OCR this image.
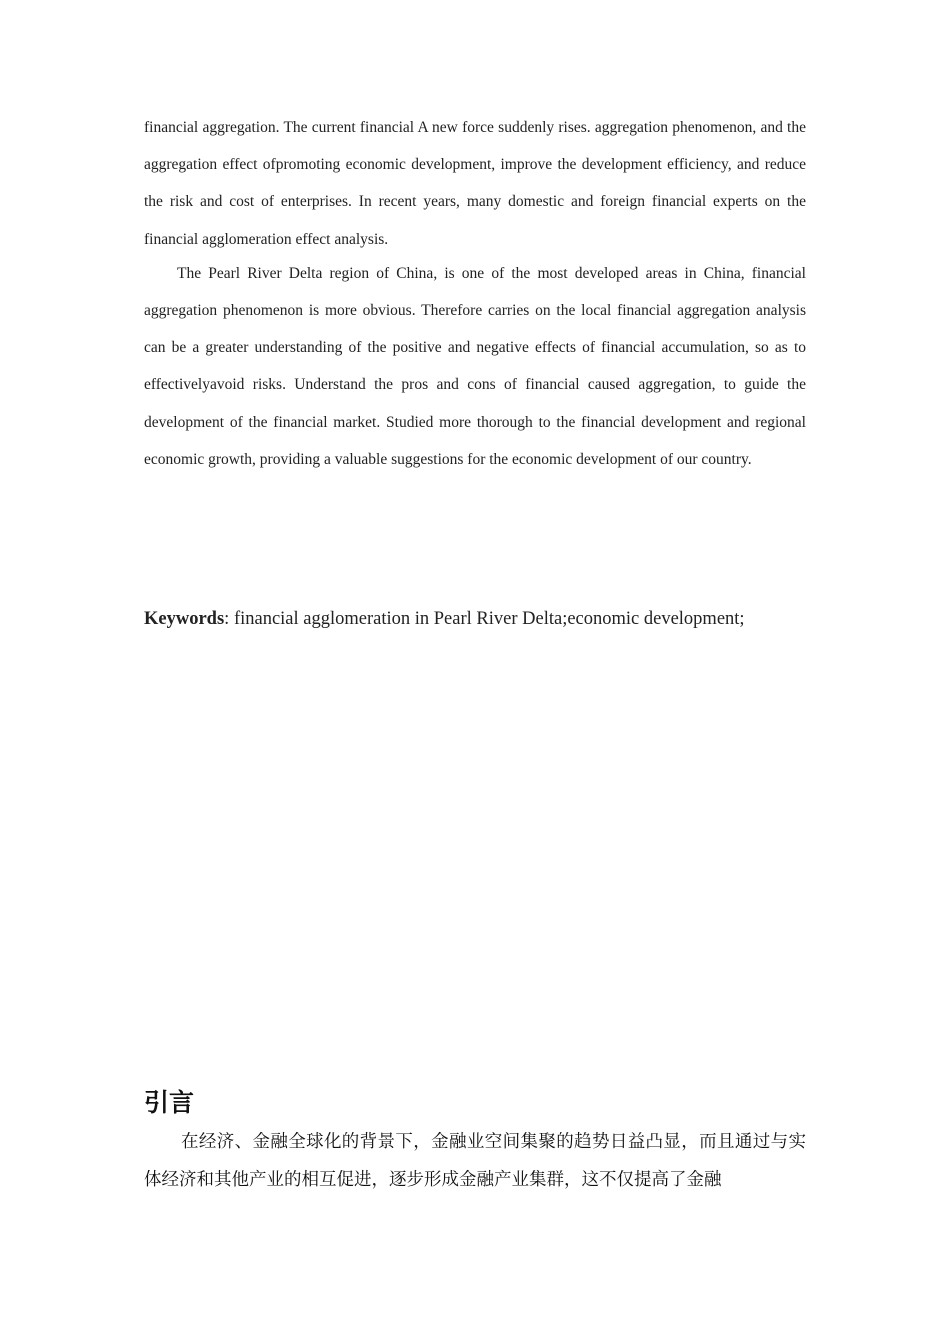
financial aggregation. The current financial A new force suddenly rises. aggregation phenomenon, and the aggregation effect ofpromoting economic development, improve the development efficiency, and reduce the risk and cost of enterprises. In recent years, many domestic and foreign financial experts on the financial agglomeration effect analysis.

The Pearl River Delta region of China, is one of the most developed areas in China, financial aggregation phenomenon is more obvious. Therefore carries on the local financial aggregation analysis can be a greater understanding of the positive and negative effects of financial accumulation, so as to effectivelyavoid risks. Understand the pros and cons of financial caused aggregation, to guide the development of the financial market. Studied more thorough to the financial development and regional economic growth, providing a valuable suggestions for the economic development of our country.

Keywords: financial agglomeration in Pearl River Delta;economic development;
引言

在经济、金融全球化的背景下，金融业空间集聚的趋势日益凸显，而且通过与实体经济和其他产业的相互促进，逐步形成金融产业集群，这不仅提高了金融
